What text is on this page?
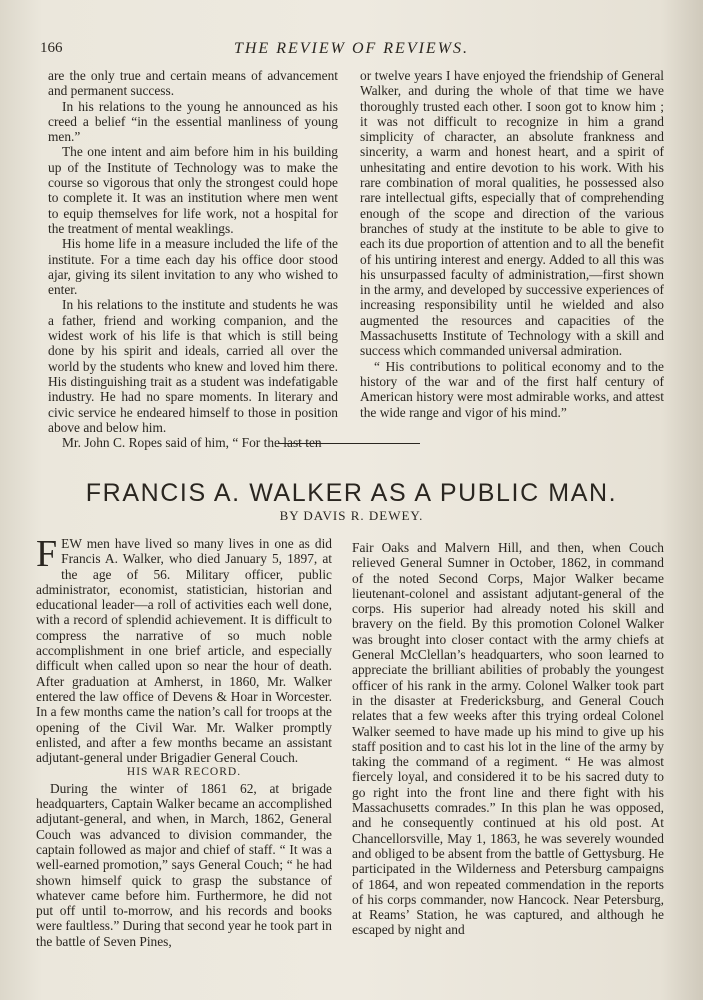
166	THE REVIEW OF REVIEWS.

are the only true and certain means of advancement and permanent success.

In his relations to the young he announced as his creed a belief “in the essential manliness of young men.”

The one intent and aim before him in his building up of the Institute of Technology was to make the course so vigorous that only the strongest could hope to complete it. It was an institution where men went to equip themselves for life work, not a hospital for the treatment of mental weaklings.

His home life in a measure included the life of the institute. For a time each day his office door stood ajar, giving its silent invitation to any who wished to enter.

In his relations to the institute and students he was a father, friend and working companion, and the widest work of his life is that which is still being done by his spirit and ideals, carried all over the world by the students who knew and loved him there. His distinguishing trait as a student was indefatigable industry. He had no spare moments. In literary and civic service he endeared himself to those in position above and below him.

Mr. John C. Ropes said of him, “ For the last ten

or twelve years I have enjoyed the friendship of General Walker, and during the whole of that time we have thoroughly trusted each other. I soon got to know him ; it was not difficult to recognize in him a grand simplicity of character, an absolute frankness and sincerity, a warm and honest heart, and a spirit of unhesitating and entire devotion to his work. With his rare combination of moral qualities, he possessed also rare intellectual gifts, especially that of comprehending enough of the scope and direction of the various branches of study at the institute to be able to give to each its due proportion of attention and to all the benefit of his untiring interest and energy. Added to all this was his unsurpassed faculty of administration,—first shown in the army, and developed by successive experiences of increasing responsibility until he wielded and also augmented the resources and capacities of the Massachusetts Institute of Technology with a skill and success which commanded universal admiration.

“ His contributions to political economy and to the history of the war and of the first half century of American history were most admirable works, and attest the wide range and vigor of his mind.”

FRANCIS A. WALKER AS A PUBLIC MAN.
BY DAVIS R. DEWEY.

FEW men have lived so many lives in one as did Francis A. Walker, who died January 5, 1897, at the age of 56. Military officer, public administrator, economist, statistician, historian and educational leader—a roll of activities each well done, with a record of splendid achievement. It is difficult to compress the narrative of so much noble accomplishment in one brief article, and especially difficult when called upon so near the hour of death. After graduation at Amherst, in 1860, Mr. Walker entered the law office of Devens & Hoar in Worcester. In a few months came the nation’s call for troops at the opening of the Civil War. Mr. Walker promptly enlisted, and after a few months became an assistant adjutant-general under Brigadier General Couch.

HIS WAR RECORD.

During the winter of 1861 62, at brigade headquarters, Captain Walker became an accomplished adjutant-general, and when, in March, 1862, General Couch was advanced to division commander, the captain followed as major and chief of staff. “ It was a well-earned promotion,” says General Couch; “ he had shown himself quick to grasp the substance of whatever came before him. Furthermore, he did not put off until to-morrow, and his records and books were faultless.” During that second year he took part in the battle of Seven Pines,

Fair Oaks and Malvern Hill, and then, when Couch relieved General Sumner in October, 1862, in command of the noted Second Corps, Major Walker became lieutenant-colonel and assistant adjutant-general of the corps. His superior had already noted his skill and bravery on the field. By this promotion Colonel Walker was brought into closer contact with the army chiefs at General McClellan’s headquarters, who soon learned to appreciate the brilliant abilities of probably the youngest officer of his rank in the army. Colonel Walker took part in the disaster at Fredericksburg, and General Couch relates that a few weeks after this trying ordeal Colonel Walker seemed to have made up his mind to give up his staff position and to cast his lot in the line of the army by taking the command of a regiment. “ He was almost fiercely loyal, and considered it to be his sacred duty to go right into the front line and there fight with his Massachusetts comrades.” In this plan he was opposed, and he consequently continued at his old post. At Chancellorsville, May 1, 1863, he was severely wounded and obliged to be absent from the battle of Gettysburg. He participated in the Wilderness and Petersburg campaigns of 1864, and won repeated commendation in the reports of his corps commander, now Hancock. Near Petersburg, at Reams’ Station, he was captured, and although he escaped by night and
